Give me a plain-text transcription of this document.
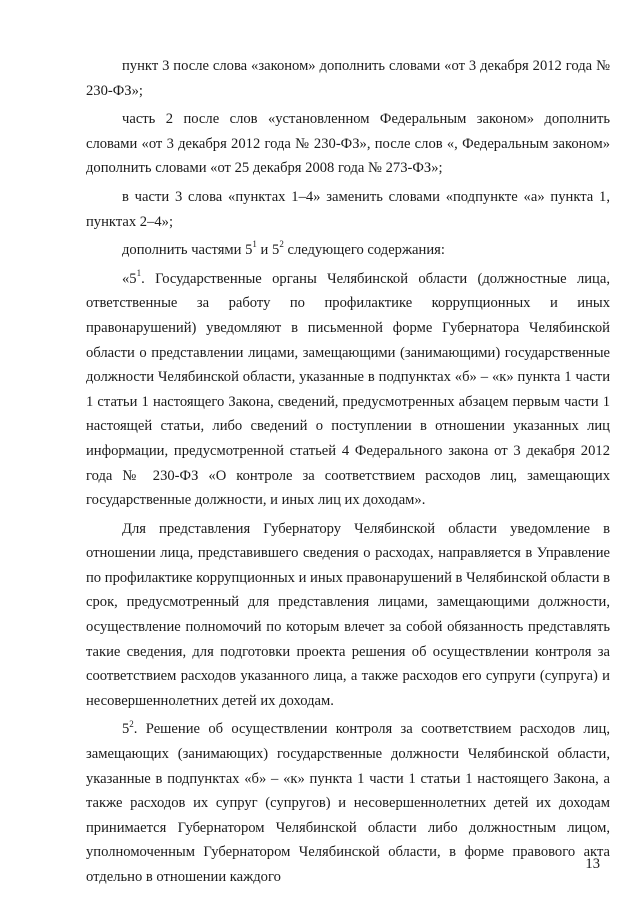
пункт 3 после слова «законом» дополнить словами «от 3 декабря 2012 года № 230-ФЗ»;

часть 2 после слов «установленном Федеральным законом» дополнить словами «от 3 декабря 2012 года № 230-ФЗ», после слов «, Федеральным законом» дополнить словами «от 25 декабря 2008 года № 273-ФЗ»;

в части 3 слова «пунктах 1–4» заменить словами «подпункте «а» пункта 1, пунктах 2–4»;

дополнить частями $5^1$ и $5^2$ следующего содержания:

«$5^1$. Государственные органы Челябинской области (должностные лица, ответственные за работу по профилактике коррупционных и иных правонарушений) уведомляют в письменной форме Губернатора Челябинской области о представлении лицами, замещающими (занимающими) государственные должности Челябинской области, указанные в подпунктах «б» – «к» пункта 1 части 1 статьи 1 настоящего Закона, сведений, предусмотренных абзацем первым части 1 настоящей статьи, либо сведений о поступлении в отношении указанных лиц информации, предусмотренной статьей 4 Федерального закона от 3 декабря 2012 года № 230-ФЗ «О контроле за соответствием расходов лиц, замещающих государственные должности, и иных лиц их доходам».

Для представления Губернатору Челябинской области уведомление в отношении лица, представившего сведения о расходах, направляется в Управление по профилактике коррупционных и иных правонарушений в Челябинской области в срок, предусмотренный для представления лицами, замещающими должности, осуществление полномочий по которым влечет за собой обязанность представлять такие сведения, для подготовки проекта решения об осуществлении контроля за соответствием расходов указанного лица, а также расходов его супруги (супруга) и несовершеннолетних детей их доходам.

$5^2$. Решение об осуществлении контроля за соответствием расходов лиц, замещающих (занимающих) государственные должности Челябинской области, указанные в подпунктах «б» – «к» пункта 1 части 1 статьи 1 настоящего Закона, а также расходов их супруг (супругов) и несовершеннолетних детей их доходам принимается Губернатором Челябинской области либо должностным лицом, уполномоченным Губернатором Челябинской области, в форме правового акта отдельно в отношении каждого

13
